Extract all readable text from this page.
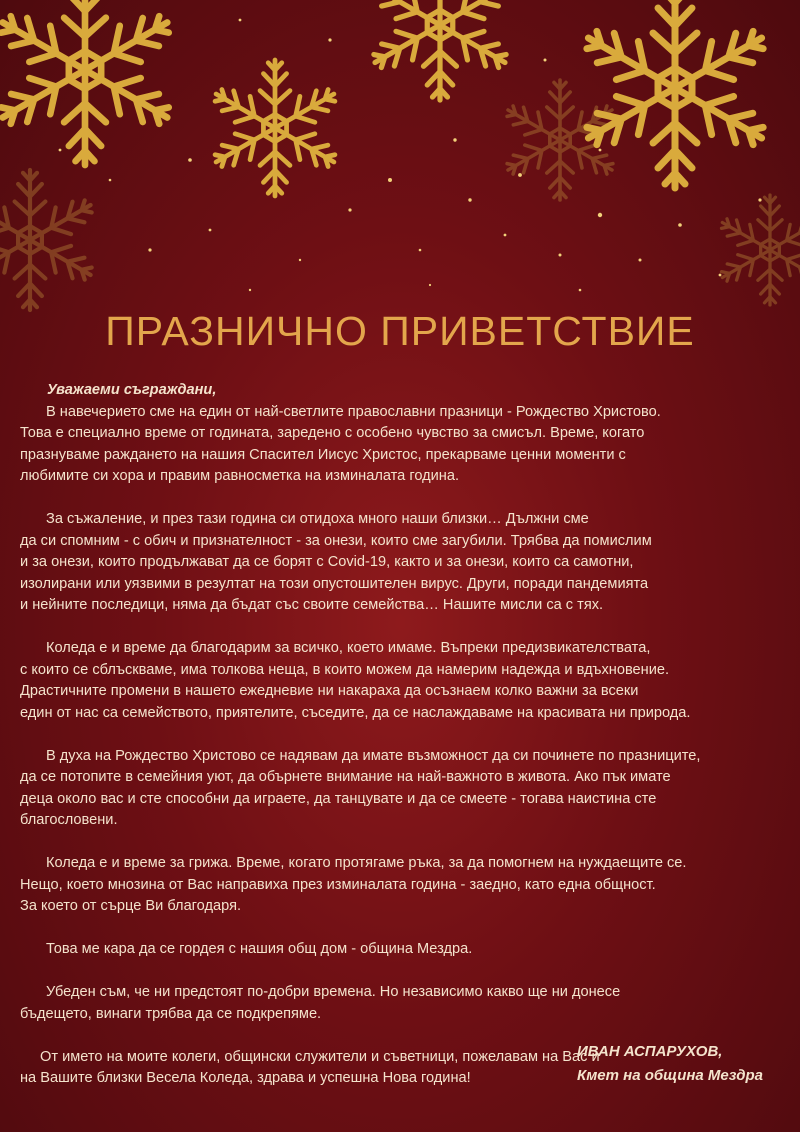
ПРАЗНИЧНО ПРИВЕТСТВИЕ

Уважаеми съграждани,

В навечерието сме на един от най-светлите православни празници - Рождество Христово.
Това е специално време от годината, заредено с особено чувство за смисъл. Време, когато
празнуваме раждането на нашия Спасител Иисус Христос, прекарваме ценни моменти с
любимите си хора и правим равносметка на изминалата година.
За съжаление, и през тази година си отидоха много наши близки… Дължни сме
да си спомним - с обич и признателност - за онези, които сме загубили. Трябва да помислим
и за онези, които продължават да се борят с Covid-19, както и за онези, които са самотни,
изолирани или уязвими в резултат на този опустошителен вирус. Други, поради пандемията
и нейните последици, няма да бъдат със своите семейства… Нашите мисли са с тях.
Коледа е и време да благодарим за всичко, което имаме. Въпреки предизвикателствата,
с които се сблъскваме, има толкова неща, в които можем да намерим надежда и вдъхновение.
Драстичните промени в нашето ежедневие ни накараха да осъзнаем колко важни за всеки
един от нас са семейството, приятелите, съседите, да се наслаждаваме на красивата ни природа.
В духа на Рождество Христово се надявам да имате възможност да си починете по празниците,
да се потопите в семейния уют, да обърнете внимание на най-важното в живота. Ако пък имате
деца около вас и сте способни да играете, да танцувате и да се смеете - тогава наистина сте
благословени.
Коледа е и време за грижа. Време, когато протягаме ръка, за да помогнем на нуждаещите се.
Нещо, което мнозина от Вас направиха през изминалата година - заедно, като една общност.
За което от сърце Ви благодаря.
Това ме кара да се гордея с нашия общ дом - община Мездра.
Убеден съм, че ни предстоят по-добри времена. Но независимо какво ще ни донесе
бъдещето, винаги трябва да се подкрепяме.
От името на моите колеги, общински служители и съветници, пожелавам на Вас и
на Вашите близки Весела Коледа, здрава и успешна Нова година!
ИВАН АСПАРУХОВ,
Кмет на община Мездра
